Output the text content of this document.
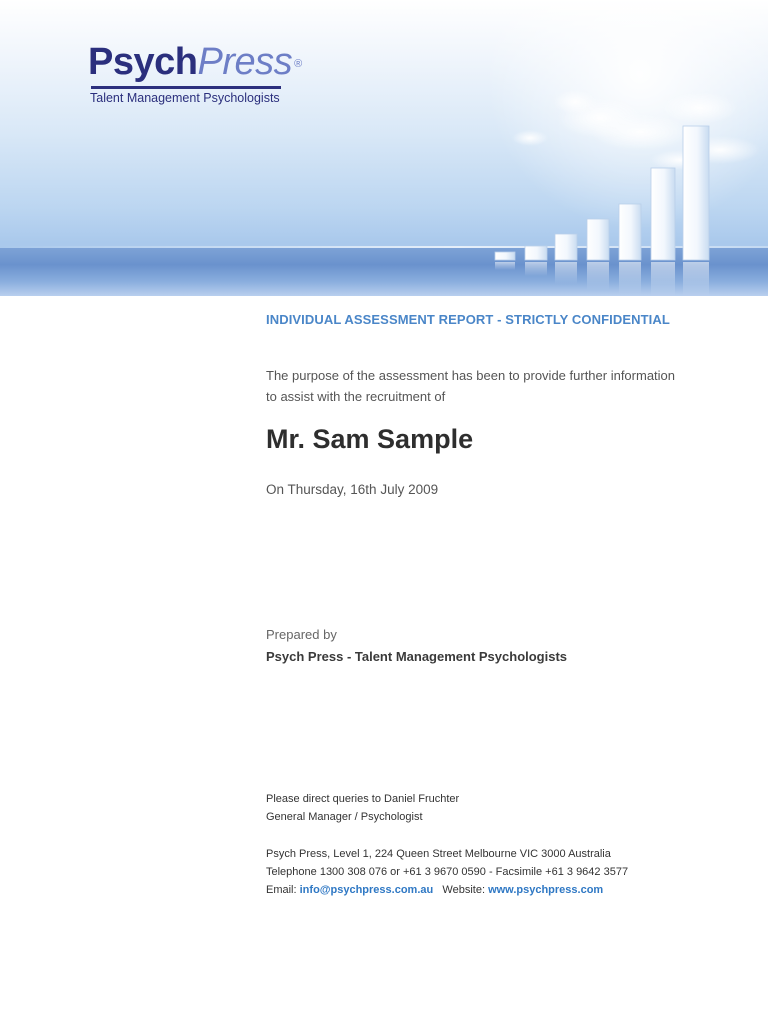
PsychPress ®
Talent Management Psychologists
INDIVIDUAL ASSESSMENT REPORT - STRICTLY CONFIDENTIAL
The purpose of the assessment has been to provide further information to assist with the recruitment of
Mr. Sam Sample
On Thursday, 16th July 2009
Prepared by
Psych Press - Talent Management Psychologists
Please direct queries to Daniel Fruchter
General Manager / Psychologist
Psych Press, Level 1, 224 Queen Street Melbourne VIC 3000 Australia
Telephone 1300 308 076 or +61 3 9670 0590 - Facsimile +61 3 9642 3577
Email: info@psychpress.com.au Website: www.psychpress.com
